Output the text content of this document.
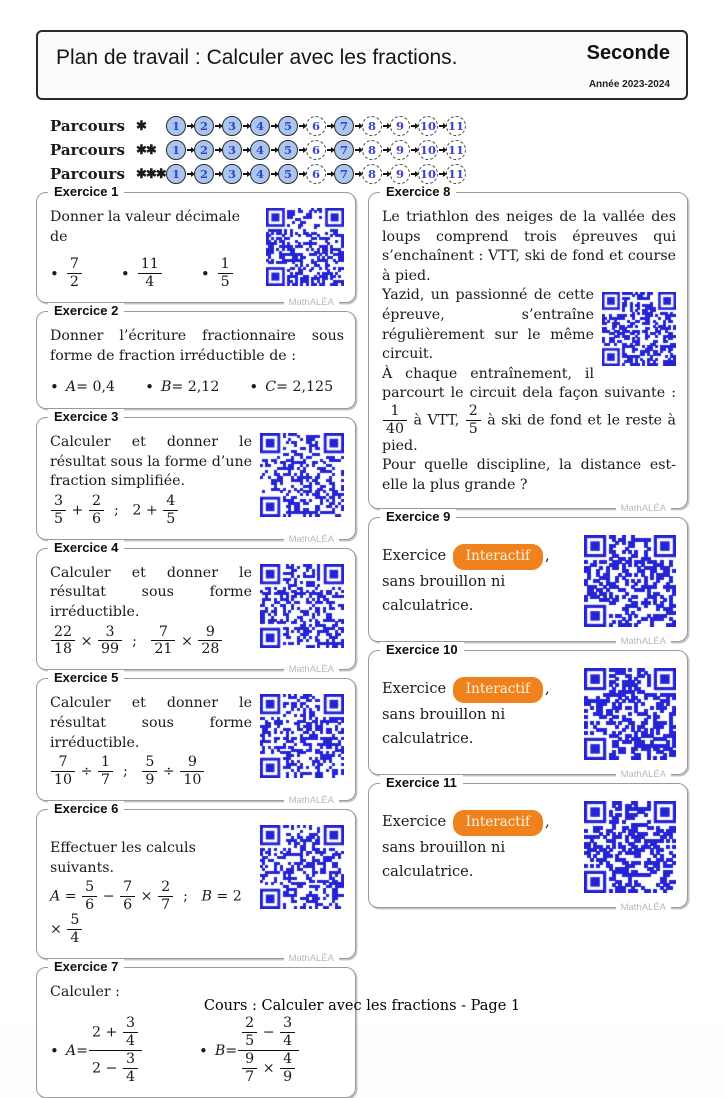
Plan de travail : Calculer avec les fractions.	Seconde
Année 2023-2024
Parcours ✱	1	2	3	4	5	6	7	8	9	10 11
Parcours ✱✱	1	2	3	4	5	6	7	8	9	10 11
Parcours ✱✱✱ 1	2	3	4	5	6	7	8	9	10 11
Exercice 1
Donner la valeur décimale de
• $\frac{7}{2}$	• $\frac{11}{4}$	• $\frac{1}{5}$
MathALÉA
Exercice 2
Donner l’écriture fractionnaire sous forme de fraction irréductible de :
• A = 0,4	• B = 2,12	• C = 2,125
Exercice 3
Calculer et donner le résultat sous la forme d’une fraction simplifiée.
$\frac{3}{5} + \frac{2}{6}$ ;   $2 + \frac{4}{5}$
MathALÉA
Exercice 4
Calculer et donner le résultat sous forme irréductible.
$\frac{22}{18} \times \frac{3}{99}$ ; $\frac{7}{21} \times \frac{9}{28}$
MathALÉA
Exercice 5
Calculer et donner le résultat sous forme irréductible.
$\frac{7}{10} \div \frac{1}{7}$ ; $\frac{5}{9} \div \frac{9}{10}$
MathALÉA
Exercice 6
Effectuer les calculs suivants.
$A = \frac{5}{6} - \frac{7}{6} \times \frac{2}{7}$ ;   $B = 2 \times \frac{5}{4}$
MathALÉA
Exercice 7
Calculer :
• $A = \frac{2 + \frac{3}{4}}{2 - \frac{3}{4}}$	• $B = \frac{\frac{2}{5} - \frac{3}{4}}{\frac{9}{7} \times \frac{4}{9}}$
Exercice 8
Le triathlon des neiges de la vallée des loups comprend trois épreuves qui s’enchaînent : VTT, ski de fond et course à pied.
Yazid, un passionné de cette épreuve, s’entraîne régulièrement sur le même circuit.
À chaque entraînement, il parcourt le circuit dela façon suivante :
$\frac{1}{40}$ à VTT, $\frac{2}{5}$ à ski de fond et le reste à pied.
Pour quelle discipline, la distance est-elle la plus grande ?
MathALÉA
Exercice 9
Exercice Interactif ,
sans brouillon ni calculatrice.
MathALÉA
Exercice 10
Exercice Interactif ,
sans brouillon ni calculatrice.
MathALÉA
Exercice 11
Exercice Interactif ,
sans brouillon ni calculatrice.
MathALÉA
Cours : Calculer avec les fractions - Page 1
